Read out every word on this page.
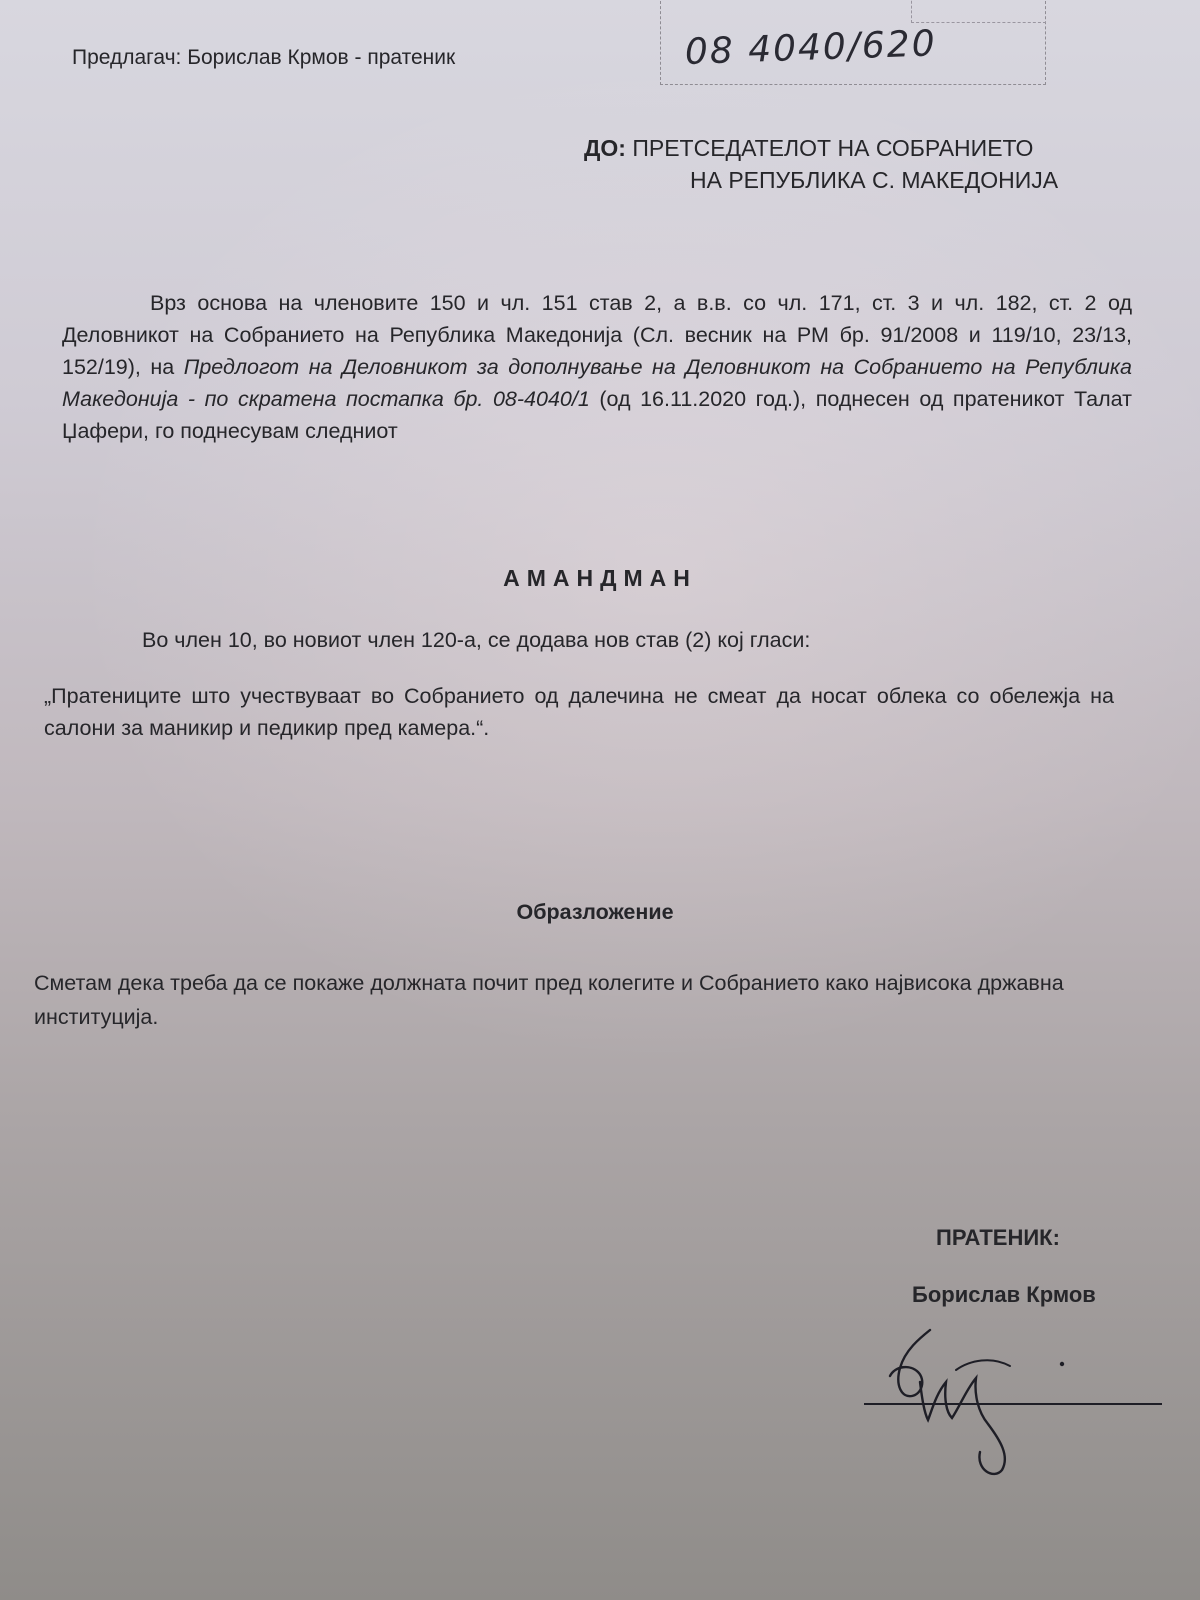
Предлагач: Борислав Крмов - пратеник	08 4040/620
ДО: ПРЕТСЕДАТЕЛОТ НА СОБРАНИЕТО
НА РЕПУБЛИКА С. МАКЕДОНИЈА
Врз основа на членовите 150 и чл. 151 став 2, а в.в. со чл. 171, ст. 3 и чл. 182, ст. 2 од Деловникот на Собранието на Република Македонија (Сл. весник на РМ бр. 91/2008 и 119/10, 23/13, 152/19), на Предлогот на Деловникот за дополнување на Деловникот на Собранието на Република Македонија - по скратена постапка бр. 08-4040/1 (од 16.11.2020 год.), поднесен од пратеникот Талат Џафери, го поднесувам следниот
АМАНДМАН
Во член 10, во новиот член 120-а, се додава нов став (2) кој гласи:
„Пратениците што учествуваат во Собранието од далечина не смеат да носат облека со обележја на салони за маникир и педикир пред камера.“.
Образложение
Сметам дека треба да се покаже должната почит пред колегите и Собранието како највисока државна институција.
ПРАТЕНИК:
Борислав Крмов
